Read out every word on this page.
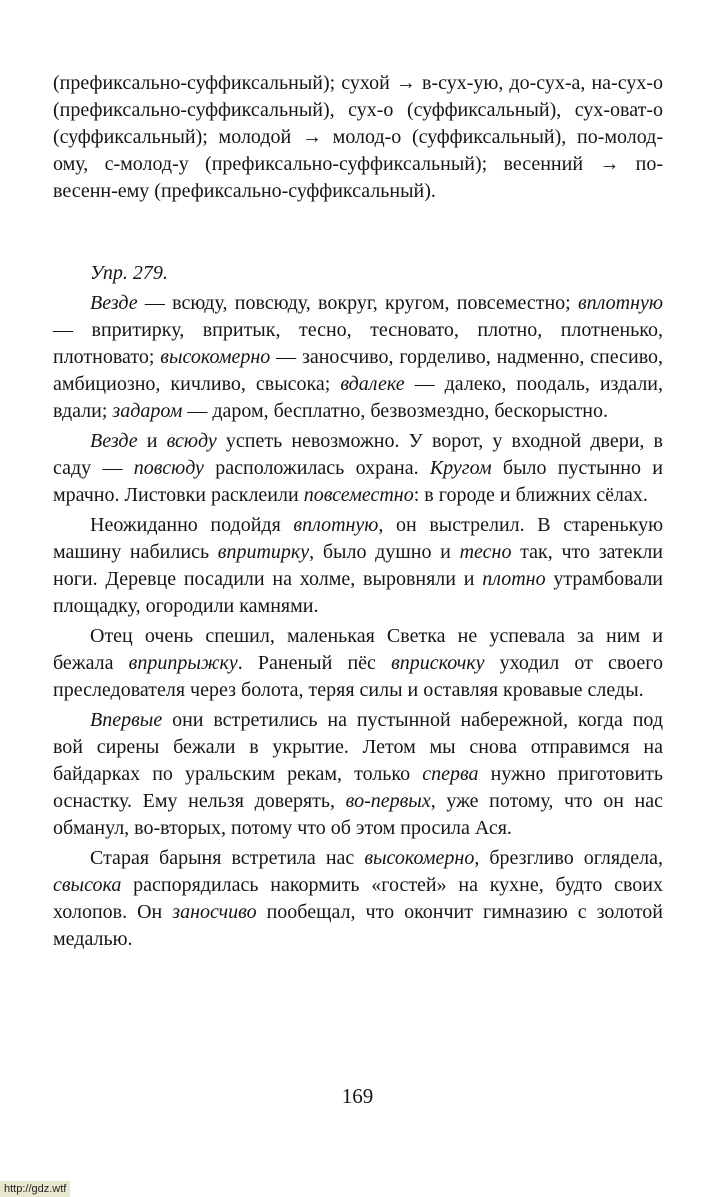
(префиксально-суффиксальный); сухой → в-сух-ую, до-сух-а, на-сух-о (префиксально-суффиксальный), сух-о (суффиксальный), сух-оват-о (суффиксальный); молодой → молод-о (суффиксальный), по-молод-ому, с-молод-у (префиксально-суффиксальный); весенний → по-весенн-ему (префиксально-суффиксальный).

Упр. 279.

Везде — всюду, повсюду, вокруг, кругом, повсеместно; вплотную — впритирку, впритык, тесно, тесновато, плотно, плотненько, плотновато; высокомерно — заносчиво, горделиво, надменно, спесиво, амбициозно, кичливо, свысока; вдалеке — далеко, поодаль, издали, вдали; задаром — даром, бесплатно, безвозмездно, бескорыстно.

Везде и всюду успеть невозможно. У ворот, у входной двери, в саду — повсюду расположилась охрана. Кругом было пустынно и мрачно. Листовки расклеили повсеместно: в городе и ближних сёлах.

Неожиданно подойдя вплотную, он выстрелил. В старенькую машину набились впритирку, было душно и тесно так, что затекли ноги. Деревце посадили на холме, выровняли и плотно утрамбовали площадку, огородили камнями.

Отец очень спешил, маленькая Светка не успевала за ним и бежала вприпрыжку. Раненый пёс вприскочку уходил от своего преследователя через болота, теряя силы и оставляя кровавые следы.

Впервые они встретились на пустынной набережной, когда под вой сирены бежали в укрытие. Летом мы снова отправимся на байдарках по уральским рекам, только сперва нужно приготовить оснастку. Ему нельзя доверять, во-первых, уже потому, что он нас обманул, во-вторых, потому что об этом просила Ася.

Старая барыня встретила нас высокомерно, брезгливо оглядела, свысока распорядилась накормить «гостей» на кухне, будто своих холопов. Он заносчиво пообещал, что окончит гимназию с золотой медалью.

169
http://gdz.wtf
